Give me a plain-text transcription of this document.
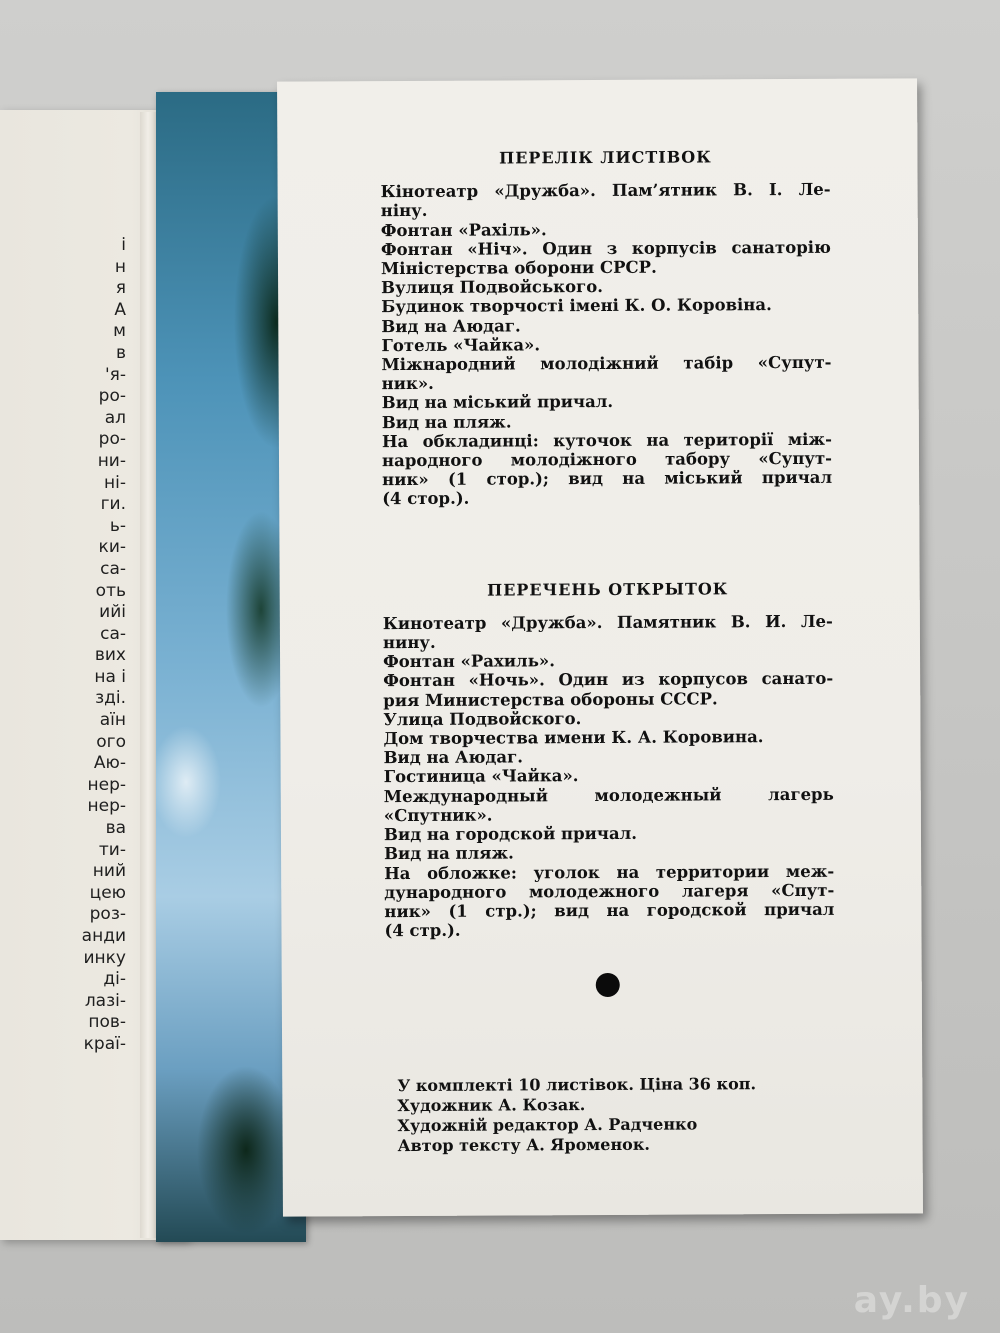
і
н
я
А
м
в
'я-
ро-
ал
ро-
ни-
ні-
ги.
ь-
ки-
са-
оть
ийі
са-
вих
на і
зді.
аїн
ого
Аю-
нер-
нер-
ва
ти-
ний
цею
роз-
анди
инку
ді-
лазі-
пов-
краї-
ПЕРЕЛІК ЛИСТІВОК
Кінотеатр «Дружба». Пам’ятник В. І. Ле-
ніну.
Фонтан «Рахіль».
Фонтан «Ніч». Один з корпусів санаторію
Міністерства оборони СРСР.
Вулиця Подвойського.
Будинок творчості імені К. О. Коровіна.
Вид на Аюдаг.
Готель «Чайка».
Міжнародний молодіжний табір «Супут-
ник».
Вид на міський причал.
Вид на пляж.
На обкладинці: куточок на території між-
народного молодіжного табору «Супут-
ник» (1 стор.); вид на міський причал
(4 стор.).
ПЕРЕЧЕНЬ ОТКРЫТОК
Кинотеатр «Дружба». Памятник В. И. Ле-
нину.
Фонтан «Рахиль».
Фонтан «Ночь». Один из корпусов санато-
рия Министерства обороны СССР.
Улица Подвойского.
Дом творчества имени К. А. Коровина.
Вид на Аюдаг.
Гостиница «Чайка».
Международный молодежный лагерь
«Спутник».
Вид на городской причал.
Вид на пляж.
На обложке: уголок на территории меж-
дународного молодежного лагеря «Спут-
ник» (1 стр.); вид на городской причал
(4 стр.).
У комплекті 10 листівок. Ціна 36 коп.
Художник А. Козак.
Художній редактор А. Радченко
Автор тексту А. Яроменок.
ay.by
